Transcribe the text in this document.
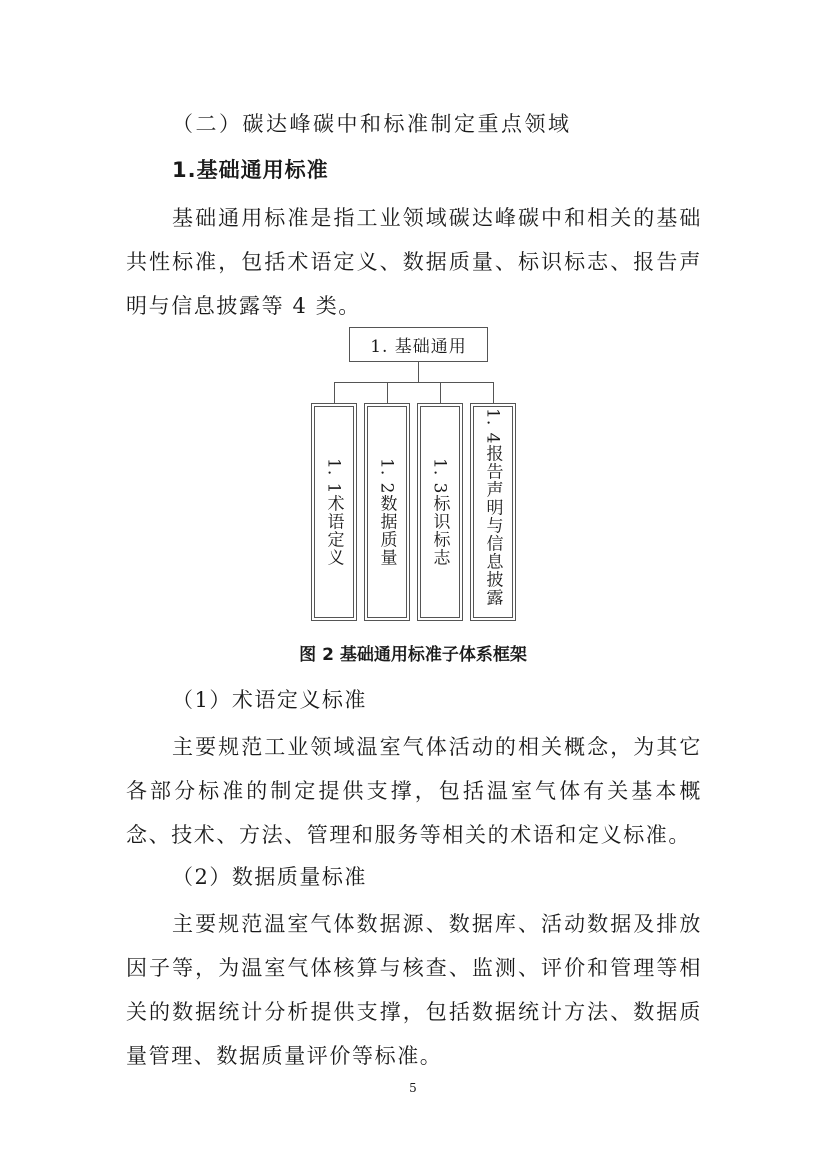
（二）碳达峰碳中和标准制定重点领域
1.基础通用标准
基础通用标准是指工业领域碳达峰碳中和相关的基础共性标准，包括术语定义、数据质量、标识标志、报告声明与信息披露等 4 类。
1. 基础通用
1. 1术语定义	1. 2数据质量	1. 3标识标志	1. 4报告声明与信息披露
图 2 基础通用标准子体系框架
（1）术语定义标准
主要规范工业领域温室气体活动的相关概念，为其它各部分标准的制定提供支撑，包括温室气体有关基本概念、技术、方法、管理和服务等相关的术语和定义标准。
（2）数据质量标准
主要规范温室气体数据源、数据库、活动数据及排放因子等，为温室气体核算与核查、监测、评价和管理等相关的数据统计分析提供支撑，包括数据统计方法、数据质量管理、数据质量评价等标准。
5
